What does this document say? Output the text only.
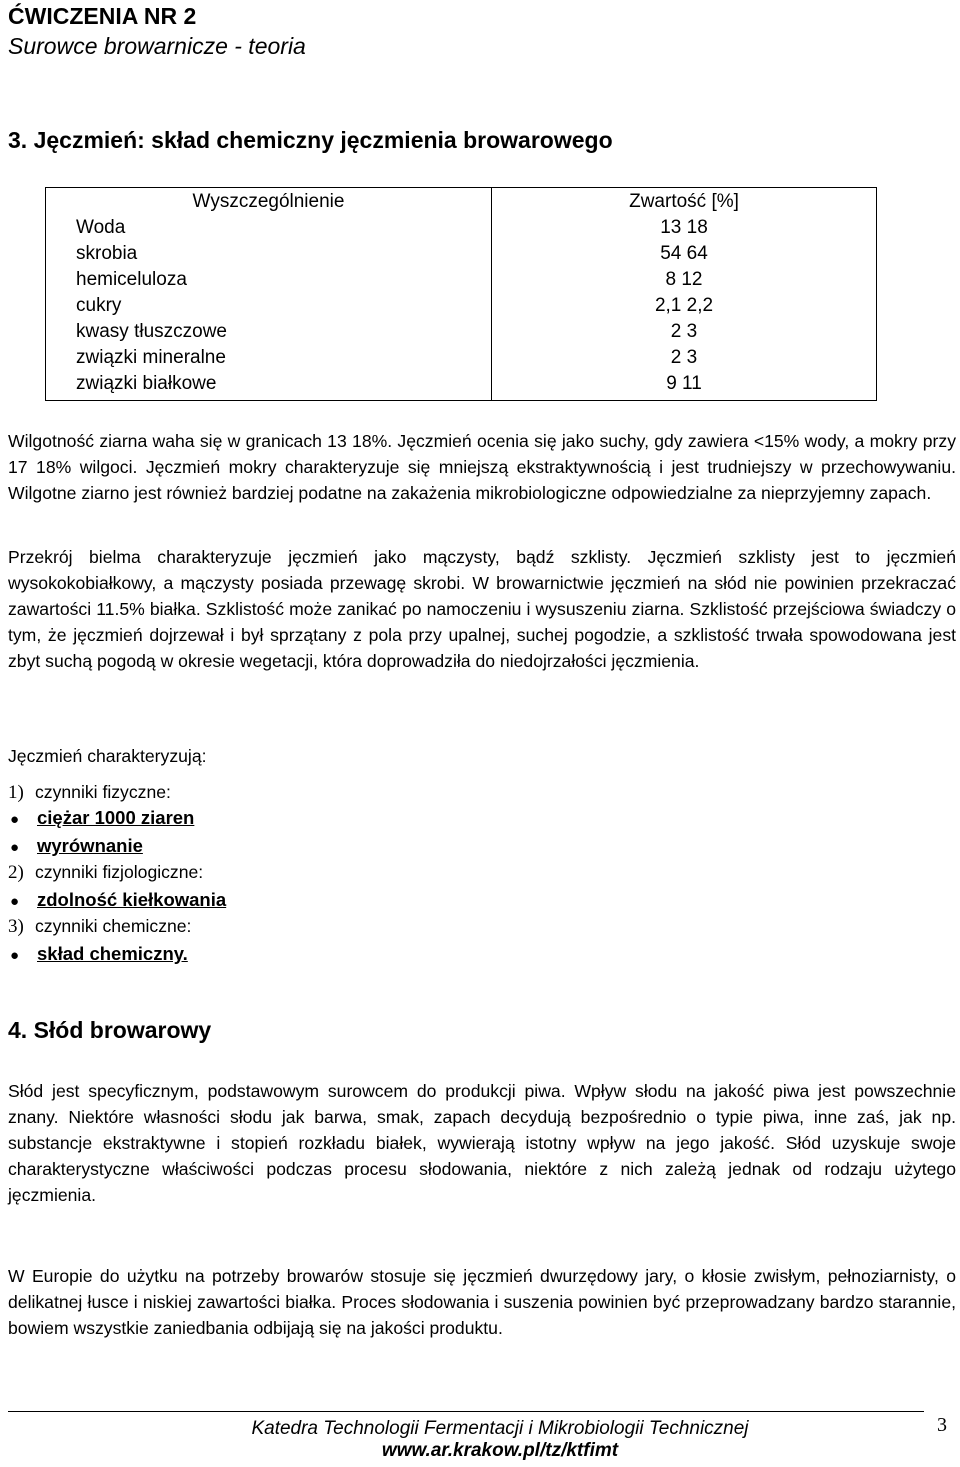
ĆWICZENIA NR 2
Surowce browarnicze - teoria
3. Jęczmień: skład chemiczny jęczmienia browarowego
Wyszczególnienie	Zwartość [%]
Woda	13 18
skrobia	54 64
hemiceluloza	8 12
cukry	2,1 2,2
kwasy tłuszczowe	2 3
związki mineralne	2 3
związki białkowe	9 11

Wilgotność ziarna waha się w granicach 13 18%. Jęczmień ocenia się jako suchy, gdy zawiera <15% wody, a mokry przy 17 18% wilgoci. Jęczmień mokry charakteryzuje się mniejszą ekstraktywnością i jest trudniejszy w przechowywaniu. Wilgotne ziarno jest również bardziej podatne na zakażenia mikrobiologiczne odpowiedzialne za nieprzyjemny zapach.

Przekrój bielma charakteryzuje jęczmień jako mączysty, bądź szklisty. Jęczmień szklisty jest to jęczmień wysokokobiałkowy, a mączysty posiada przewagę skrobi. W browarnictwie jęczmień na słód nie powinien przekraczać zawartości 11.5% białka. Szklistość może zanikać po namoczeniu i wysuszeniu ziarna. Szklistość przejściowa świadczy o tym, że jęczmień dojrzewał i był sprzątany z pola przy upalnej, suchej pogodzie, a szklistość trwała spowodowana jest zbyt suchą pogodą w okresie wegetacji, która doprowadziła do niedojrzałości jęczmienia.

Jęczmień charakteryzują:
1) czynniki fizyczne:
● ciężar 1000 ziaren
● wyrównanie
2) czynniki fizjologiczne:
● zdolność kiełkowania
3) czynniki chemiczne:
● skład chemiczny.
4. Słód browarowy

Słód jest specyficznym, podstawowym surowcem do produkcji piwa. Wpływ słodu na jakość piwa jest powszechnie znany. Niektóre własności słodu jak barwa, smak, zapach decydują bezpośrednio o typie piwa, inne zaś, jak np. substancje ekstraktywne i stopień rozkładu białek, wywierają istotny wpływ na jego jakość. Słód uzyskuje swoje charakterystyczne właściwości podczas procesu słodowania, niektóre z nich zależą jednak od rodzaju użytego jęczmienia.

W Europie do użytku na potrzeby browarów stosuje się jęczmień dwurzędowy jary, o kłosie zwisłym, pełnoziarnisty, o delikatnej łusce i niskiej zawartości białka. Proces słodowania i suszenia powinien być przeprowadzany bardzo starannie, bowiem wszystkie zaniedbania odbijają się na jakości produktu.

Katedra Technologii Fermentacji i Mikrobiologii Technicznej
www.ar.krakow.pl/tz/ktfimt
3
